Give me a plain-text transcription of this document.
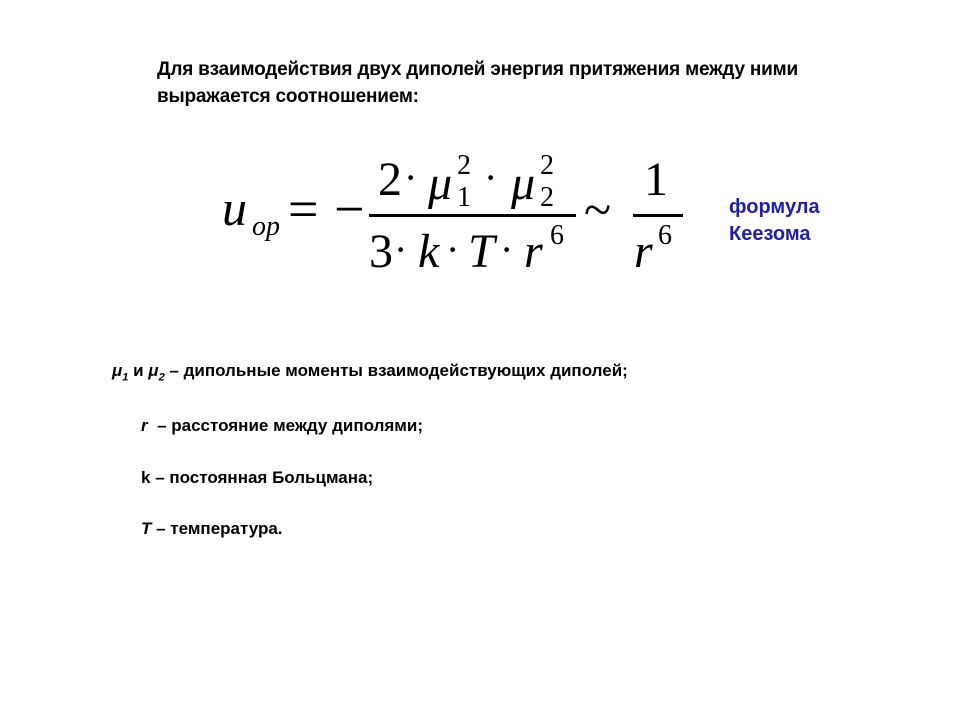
Для взаимодействия двух диполей энергия притяжения между ними
выражается соотношением:
u op = − 2 · μ 2
1 · μ 2
2
3 · k · T · r 6 ~
1
r 6
формула
Кеезома
$\mu_1$ и $\mu_2$ – дипольные моменты взаимодействующих диполей;
r  – расстояние между диполями;
k – постоянная Больцмана;
T – температура.
